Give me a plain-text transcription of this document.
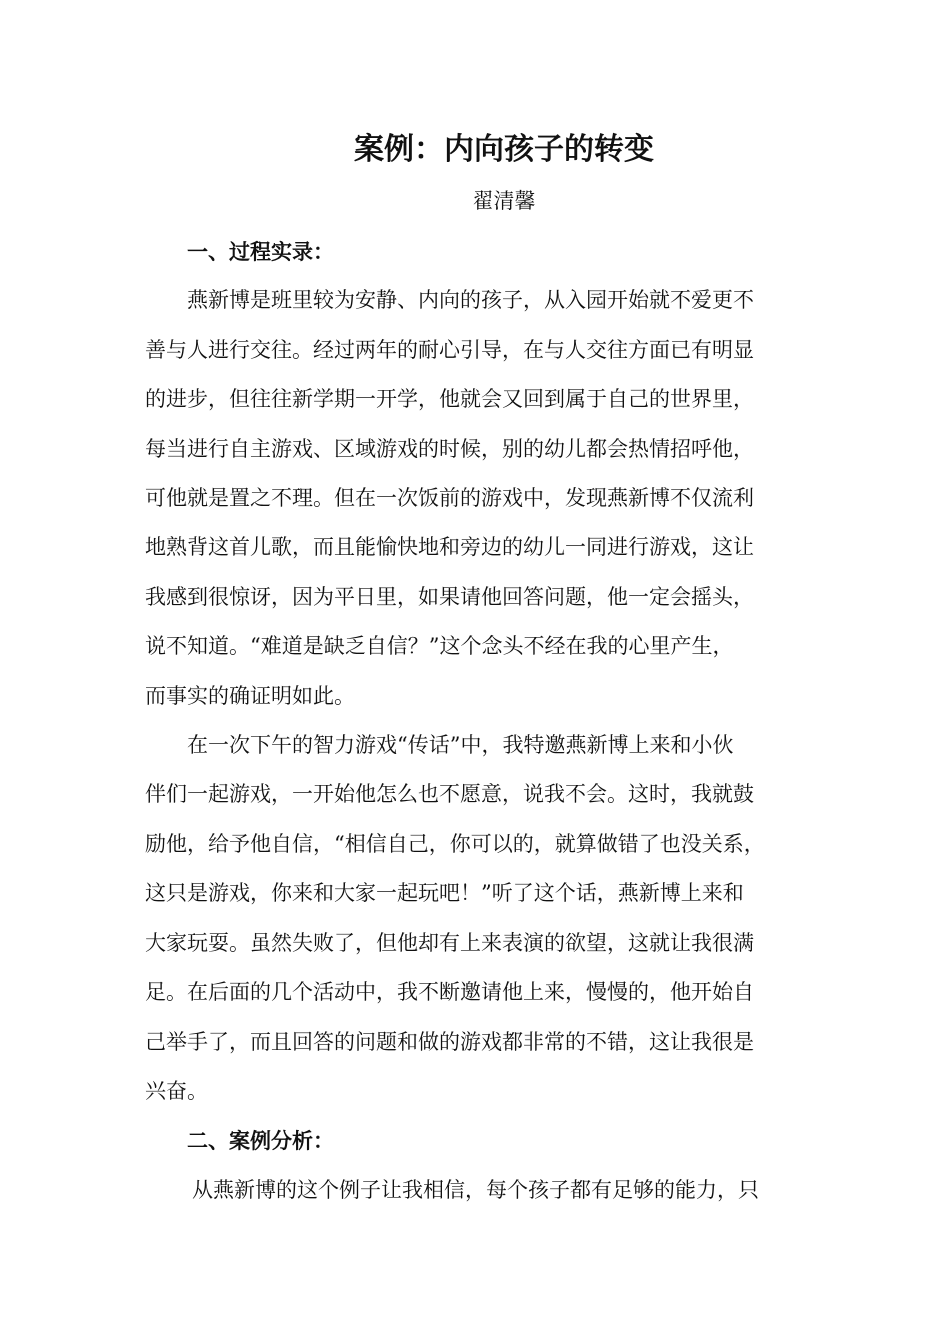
案例：内向孩子的转变
翟清馨
一、过程实录：
燕新博是班里较为安静、内向的孩子，从入园开始就不爱更不
善与人进行交往。经过两年的耐心引导，在与人交往方面已有明显
的进步，但往往新学期一开学，他就会又回到属于自己的世界里，
每当进行自主游戏、区域游戏的时候，别的幼儿都会热情招呼他，
可他就是置之不理。但在一次饭前的游戏中，发现燕新博不仅流利
地熟背这首儿歌，而且能愉快地和旁边的幼儿一同进行游戏，这让
我感到很惊讶，因为平日里，如果请他回答问题，他一定会摇头，
说不知道。“难道是缺乏自信？”这个念头不经在我的心里产生，
而事实的确证明如此。
在一次下午的智力游戏“传话”中，我特邀燕新博上来和小伙
伴们一起游戏，一开始他怎么也不愿意，说我不会。这时，我就鼓
励他，给予他自信，“相信自己，你可以的，就算做错了也没关系，
这只是游戏，你来和大家一起玩吧！”听了这个话，燕新博上来和
大家玩耍。虽然失败了，但他却有上来表演的欲望，这就让我很满
足。在后面的几个活动中，我不断邀请他上来，慢慢的，他开始自
己举手了，而且回答的问题和做的游戏都非常的不错，这让我很是
兴奋。
二、案例分析：
从燕新博的这个例子让我相信，每个孩子都有足够的能力，只
